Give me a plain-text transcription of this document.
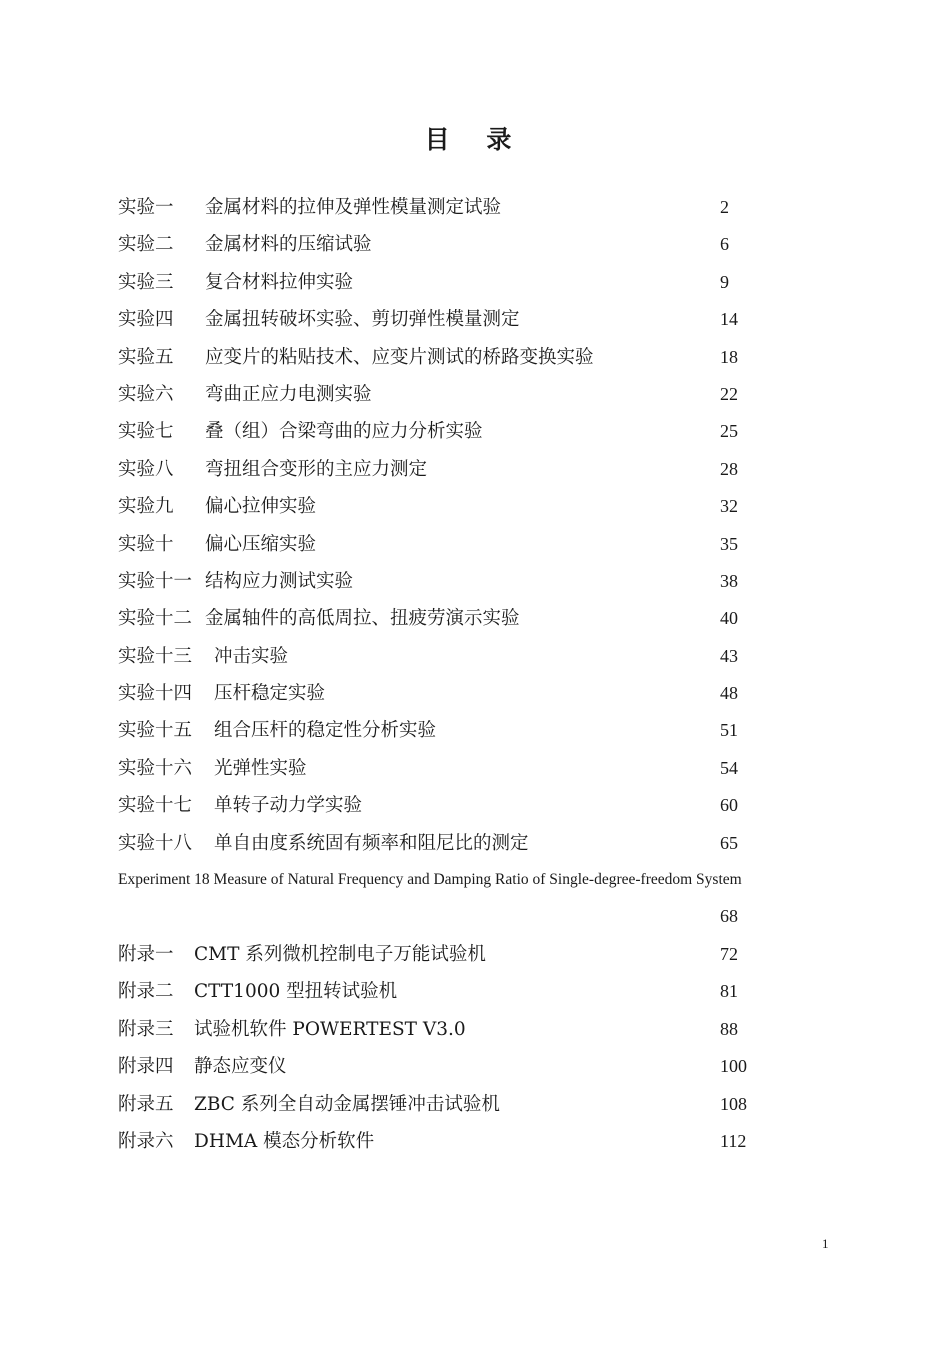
目 录
实验一 金属材料的拉伸及弹性模量测定试验	2
实验二 金属材料的压缩试验	6
实验三 复合材料拉伸实验	9
实验四 金属扭转破坏实验、剪切弹性模量测定	14
实验五 应变片的粘贴技术、应变片测试的桥路变换实验	18
实验六 弯曲正应力电测实验	22
实验七 叠（组）合梁弯曲的应力分析实验	25
实验八 弯扭组合变形的主应力测定	28
实验九 偏心拉伸实验	32
实验十 偏心压缩实验	35
实验十一 结构应力测试实验	38
实验十二 金属轴件的高低周拉、扭疲劳演示实验	40
实验十三 冲击实验	43
实验十四 压杆稳定实验	48
实验十五 组合压杆的稳定性分析实验	51
实验十六 光弹性实验	54
实验十七 单转子动力学实验	60
实验十八 单自由度系统固有频率和阻尼比的测定	65
Experiment 18 Measure of Natural Frequency and Damping Ratio of Single-degree-freedom System
68
附录一 CMT 系列微机控制电子万能试验机	72
附录二 CTT1000 型扭转试验机	81
附录三 试验机软件 POWERTEST V3.0	88
附录四 静态应变仪	100
附录五 ZBC 系列全自动金属摆锤冲击试验机	108
附录六 DHMA 模态分析软件	112
1
